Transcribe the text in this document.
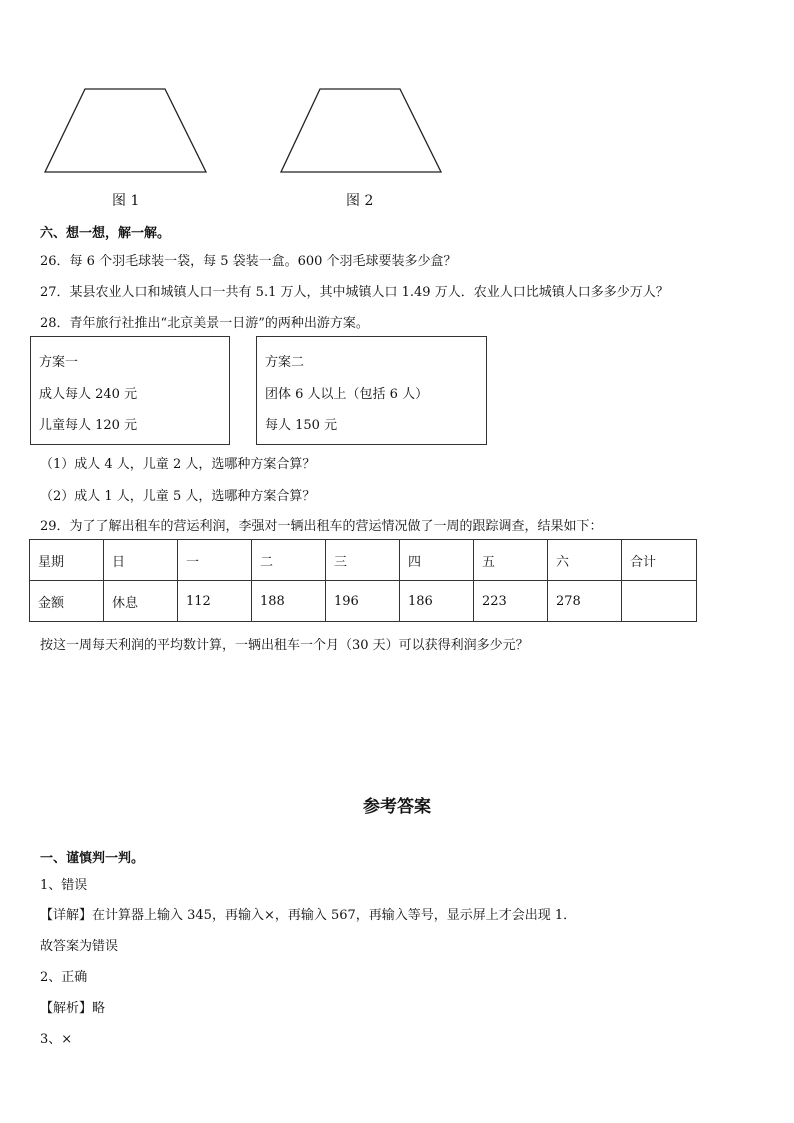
图 1	图 2
六、想一想，解一解。
26．每 6 个羽毛球装一袋，每 5 袋装一盒。600 个羽毛球要装多少盒？
27．某县农业人口和城镇人口一共有 5.1 万人，其中城镇人口 1.49 万人．农业人口比城镇人口多多少万人？
28．青年旅行社推出“北京美景一日游”的两种出游方案。
方案一
成人每人 240 元
儿童每人 120 元
方案二
团体 6 人以上（包括 6 人）
每人 150 元
（1）成人 4 人，儿童 2 人，选哪种方案合算？
（2）成人 1 人，儿童 5 人，选哪种方案合算？
29．为了了解出租车的营运利润，李强对一辆出租车的营运情况做了一周的跟踪调查，结果如下：
星期	日	一	二	三	四	五	六	合计
金额	休息	112	188	196	186	223	278	
按这一周每天利润的平均数计算，一辆出租车一个月（30 天）可以获得利润多少元？
参考答案
一、谨慎判一判。
1、错误
【详解】在计算器上输入 345，再输入×，再输入 567，再输入等号，显示屏上才会出现 1．
故答案为错误
2、正确
【解析】略
3、×
